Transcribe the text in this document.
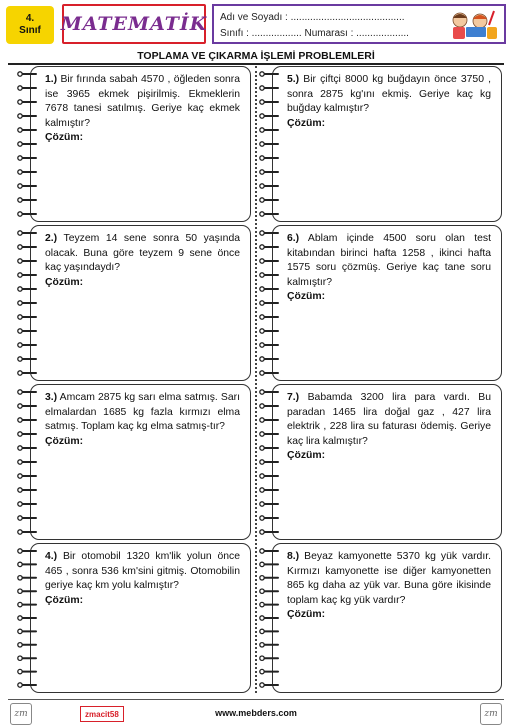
4.
Sınıf MATEMATİK Adı ve Soyadı : .........................................
Sınıfı : .................. Numarası : ...................
TOPLAMA VE ÇIKARMA İŞLEMİ PROBLEMLERİ
1.) Bir fırında sabah 4570 , öğleden sonra ise 3965 ekmek pişirilmiş. Ekmeklerin 7678 tanesi satılmış. Geriye kaç ekmek kalmıştır?
Çözüm:
2.) Teyzem 14 sene sonra 50 yaşında olacak. Buna göre teyzem 9 sene önce kaç yaşındaydı?
Çözüm:
3.) Amcam 2875 kg sarı elma satmış. Sarı elmalardan 1685 kg fazla kırmızı elma satmış. Toplam kaç kg elma satmış-tır?
Çözüm:
4.) Bir otomobil 1320 km'lik yolun önce 465 , sonra 536 km'sini gitmiş. Otomobilin geriye kaç km yolu kalmıştır?
Çözüm:
5.) Bir çiftçi 8000 kg buğdayın önce 3750 , sonra 2875 kg'ını ekmiş. Geriye kaç kg buğday kalmıştır?
Çözüm:
6.) Ablam içinde 4500 soru olan test kitabından birinci hafta 1258 , ikinci hafta 1575 soru çözmüş. Geriye kaç tane soru kalmıştır?
Çözüm:
7.) Babamda 3200 lira para vardı. Bu paradan 1465 lira doğal gaz , 427 lira elektrik , 228 lira su faturası ödemiş. Geriye kaç lira kalmıştır?
Çözüm:
8.) Beyaz kamyonette 5370 kg yük vardır. Kırmızı kamyonette ise diğer kamyonetten 865 kg daha az yük var. Buna göre ikisinde toplam kaç kg yük vardır?
Çözüm:
zm	zmacit58	www.mebders.com	zm
